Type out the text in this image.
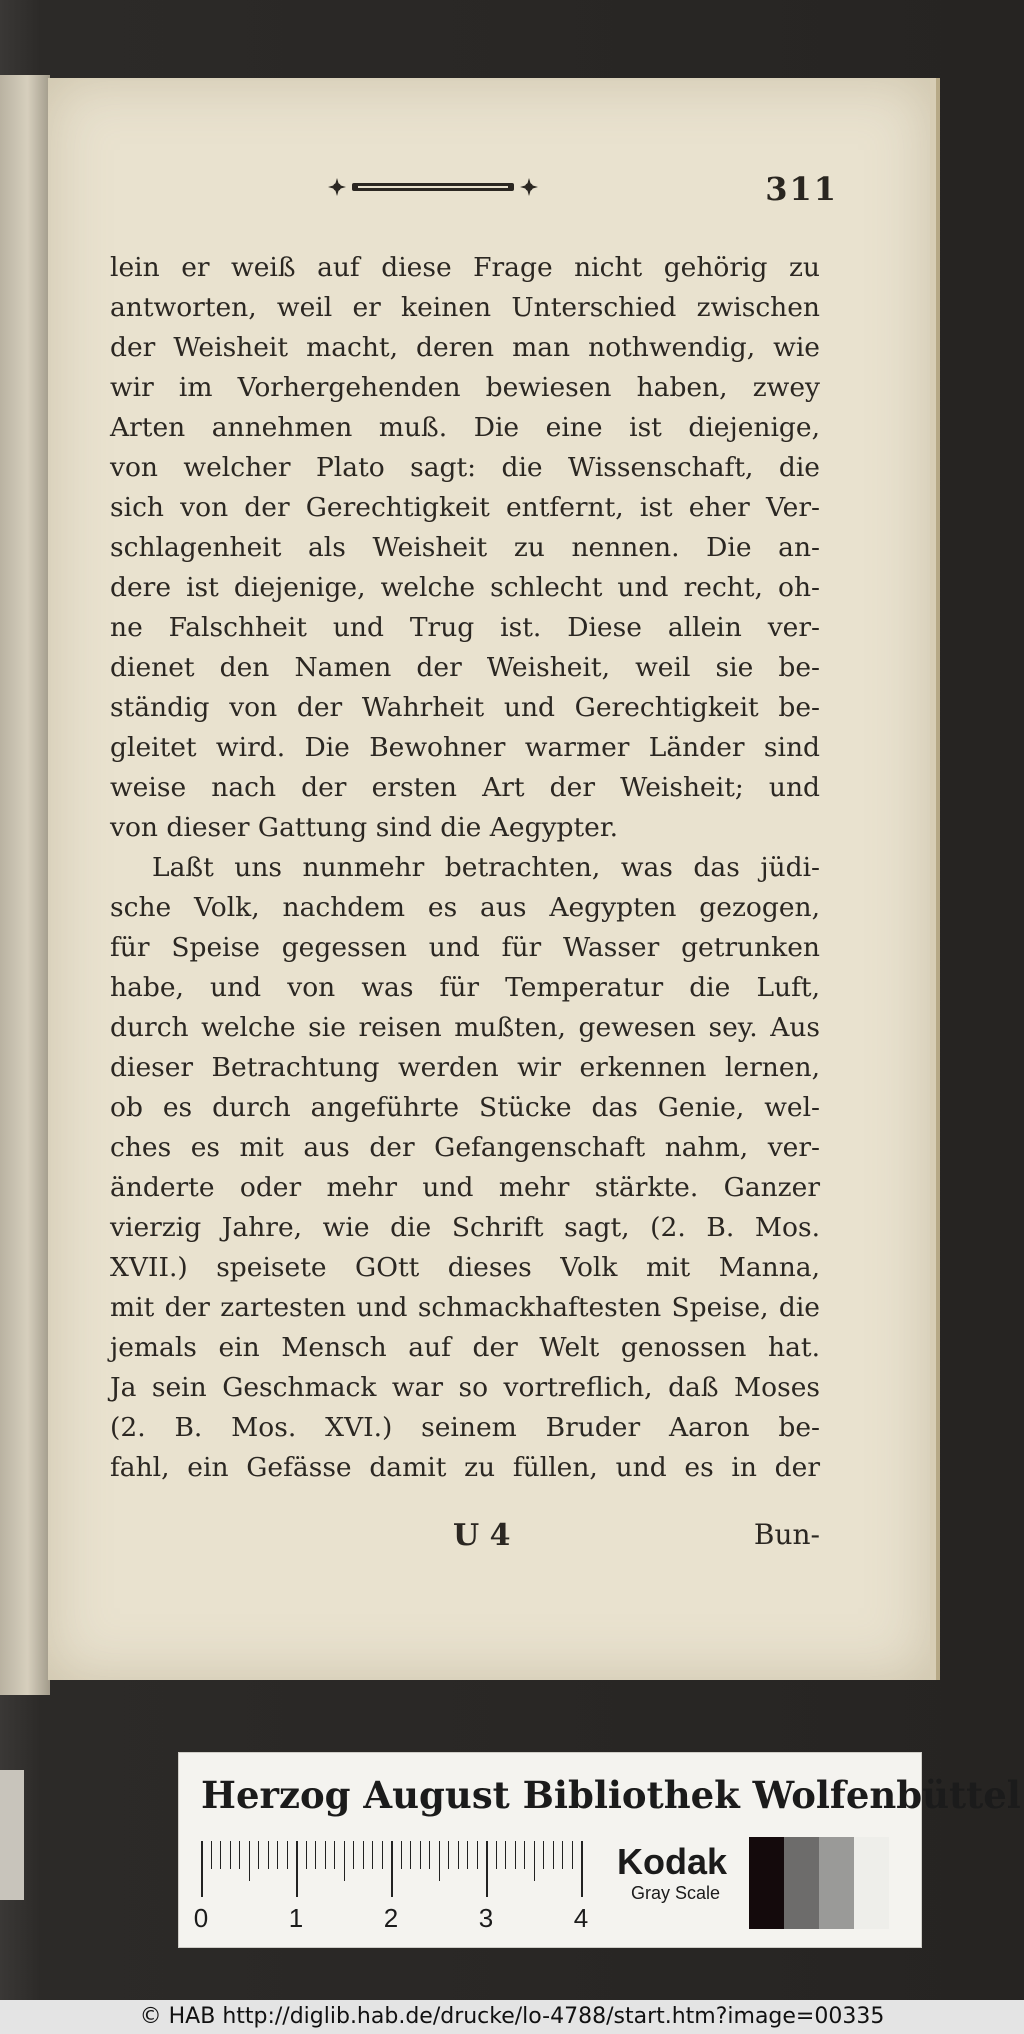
311
lein er weiß auf diese Frage nicht gehörig zu
antworten, weil er keinen Unterschied zwischen
der Weisheit macht, deren man nothwendig, wie
wir im Vorhergehenden bewiesen haben, zwey
Arten annehmen muß. Die eine ist diejenige,
von welcher Plato sagt: die Wissenschaft, die
sich von der Gerechtigkeit entfernt, ist eher Ver-
schlagenheit als Weisheit zu nennen. Die an-
dere ist diejenige, welche schlecht und recht, oh-
ne Falschheit und Trug ist. Diese allein ver-
dienet den Namen der Weisheit, weil sie be-
ständig von der Wahrheit und Gerechtigkeit be-
gleitet wird. Die Bewohner warmer Länder sind
weise nach der ersten Art der Weisheit; und
von dieser Gattung sind die Aegypter.
Laßt uns nunmehr betrachten, was das jüdi-
sche Volk, nachdem es aus Aegypten gezogen,
für Speise gegessen und für Wasser getrunken
habe, und von was für Temperatur die Luft,
durch welche sie reisen mußten, gewesen sey. Aus
dieser Betrachtung werden wir erkennen lernen,
ob es durch angeführte Stücke das Genie, wel-
ches es mit aus der Gefangenschaft nahm, ver-
änderte oder mehr und mehr stärkte. Ganzer
vierzig Jahre, wie die Schrift sagt, (2. B. Mos.
XVII.) speisete GOtt dieses Volk mit Manna,
mit der zartesten und schmackhaftesten Speise, die
jemals ein Mensch auf der Welt genossen hat.
Ja sein Geschmack war so vortreflich, daß Moses
(2. B. Mos. XVI.) seinem Bruder Aaron be-
fahl, ein Gefässe damit zu füllen, und es in der
U 4	Bun-
Herzog August Bibliothek Wolfenbüttel
0	1	2	3	4
Kodak
Gray Scale
© HAB http://diglib.hab.de/drucke/lo-4788/start.htm?image=00335
